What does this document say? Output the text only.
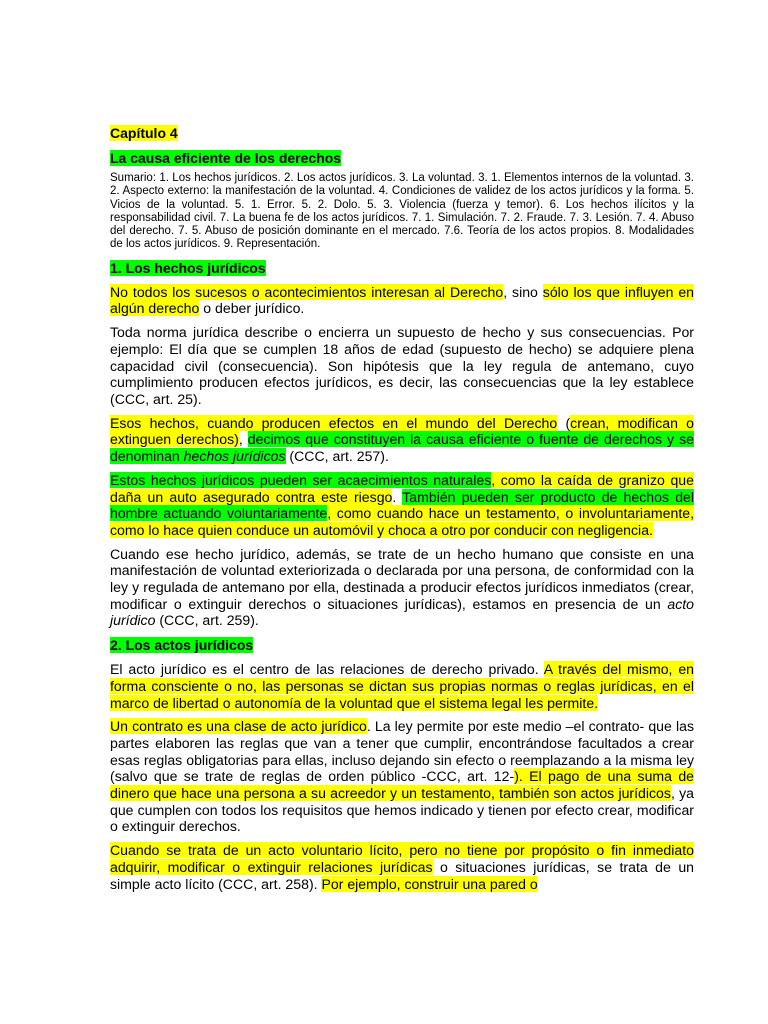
Capítulo 4
La causa eficiente de los derechos

Sumario: 1. Los hechos jurídicos. 2. Los actos jurídicos. 3. La voluntad. 3. 1. Elementos internos de la voluntad. 3. 2. Aspecto externo: la manifestación de la voluntad. 4. Condiciones de validez de los actos jurídicos y la forma. 5. Vicios de la voluntad. 5. 1. Error. 5. 2. Dolo. 5. 3. Violencia (fuerza y temor). 6. Los hechos ilícitos y la responsabilidad civil. 7. La buena fe de los actos jurídicos. 7. 1. Simulación. 7. 2. Fraude. 7. 3. Lesión. 7. 4. Abuso del derecho. 7. 5. Abuso de posición dominante en el mercado. 7.6. Teoría de los actos propios. 8. Modalidades de los actos jurídicos. 9. Representación.

1. Los hechos jurídicos

No todos los sucesos o acontecimientos interesan al Derecho, sino sólo los que influyen en algún derecho o deber jurídico.

Toda norma jurídica describe o encierra un supuesto de hecho y sus consecuencias. Por ejemplo: El día que se cumplen 18 años de edad (supuesto de hecho) se adquiere plena capacidad civil (consecuencia). Son hipótesis que la ley regula de antemano, cuyo cumplimiento producen efectos jurídicos, es decir, las consecuencias que la ley establece (CCC, art. 25).

Esos hechos, cuando producen efectos en el mundo del Derecho (crean, modifican o extinguen derechos), decimos que constituyen la causa eficiente o fuente de derechos y se denominan hechos jurídicos (CCC, art. 257).

Estos hechos jurídicos pueden ser acaecimientos naturales, como la caída de granizo que daña un auto asegurado contra este riesgo. También pueden ser producto de hechos del hombre actuando voluntariamente, como cuando hace un testamento, o involuntariamente, como lo hace quien conduce un automóvil y choca a otro por conducir con negligencia.

Cuando ese hecho jurídico, además, se trate de un hecho humano que consiste en una manifestación de voluntad exteriorizada o declarada por una persona, de conformidad con la ley y regulada de antemano por ella, destinada a producir efectos jurídicos inmediatos (crear, modificar o extinguir derechos o situaciones jurídicas), estamos en presencia de un acto jurídico (CCC, art. 259).

2. Los actos jurídicos

El acto jurídico es el centro de las relaciones de derecho privado. A través del mismo, en forma consciente o no, las personas se dictan sus propias normas o reglas jurídicas, en el marco de libertad o autonomía de la voluntad que el sistema legal les permite.

Un contrato es una clase de acto jurídico. La ley permite por este medio –el contrato- que las partes elaboren las reglas que van a tener que cumplir, encontrándose facultados a crear esas reglas obligatorias para ellas, incluso dejando sin efecto o reemplazando a la misma ley (salvo que se trate de reglas de orden público -CCC, art. 12-). El pago de una suma de dinero que hace una persona a su acreedor y un testamento, también son actos jurídicos, ya que cumplen con todos los requisitos que hemos indicado y tienen por efecto crear, modificar o extinguir derechos.

Cuando se trata de un acto voluntario lícito, pero no tiene por propósito o fin inmediato adquirir, modificar o extinguir relaciones jurídicas o situaciones jurídicas, se trata de un simple acto lícito (CCC, art. 258). Por ejemplo, construir una pared o
